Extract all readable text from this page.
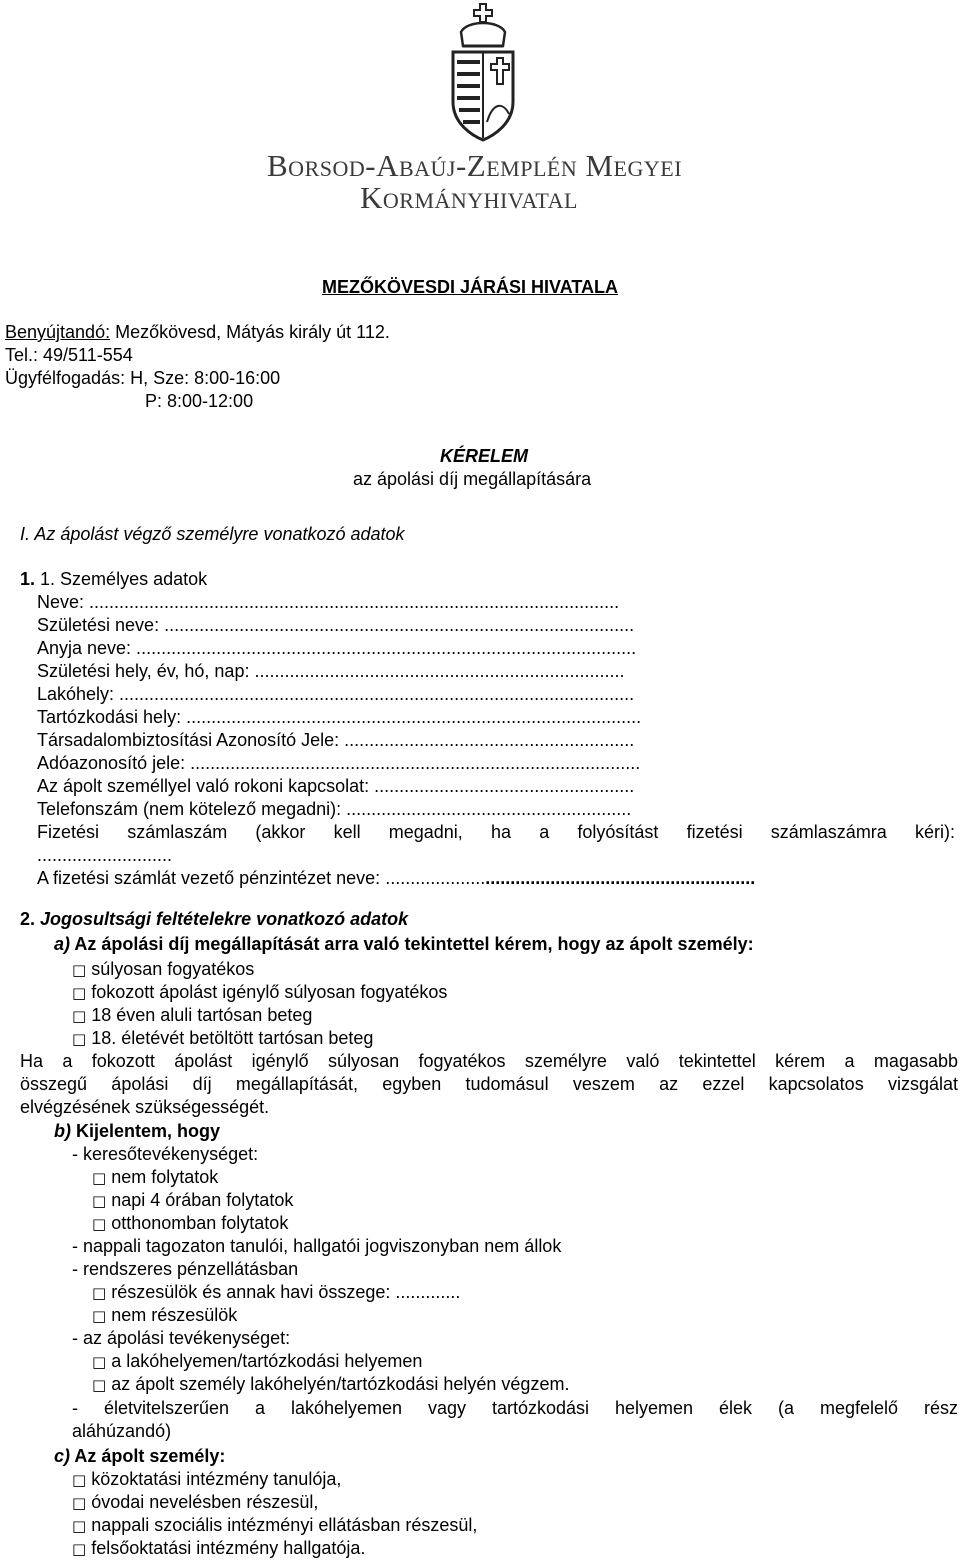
Borsod-Abaúj-Zemplén Megyei
Kormányhivatal
MEZŐKÖVESDI JÁRÁSI HIVATALA
Benyújtandó: Mezőkövesd, Mátyás király út 112.
Tel.: 49/511-554
Ügyfélfogadás: H, Sze: 8:00-16:00
P: 8:00-12:00
KÉRELEM
az ápolási díj megállapítására
I. Az ápolást végző személyre vonatkozó adatok
1. 1. Személyes adatok
Neve: ..........................................................................................................
Születési neve: ..............................................................................................
Anyja neve: ....................................................................................................
Születési hely, év, hó, nap: ..........................................................................
Lakóhely: .......................................................................................................
Tartózkodási hely: ...........................................................................................
Társadalombiztosítási Azonosító Jele: ..........................................................
Adóazonosító jele: ..........................................................................................
Az ápolt személlyel való rokoni kapcsolat: ....................................................
Telefonszám (nem kötelező megadni): .........................................................
Fizetési számlaszám (akkor kell megadni, ha a folyósítást fizetési számlaszámra kéri):
...........................
A fizetési számlát vezető pénzintézet neve: ..........................................................................
2. Jogosultsági feltételekre vonatkozó adatok
a) Az ápolási díj megállapítását arra való tekintettel kérem, hogy az ápolt személy:
□ súlyosan fogyatékos
□ fokozott ápolást igénylő súlyosan fogyatékos
□ 18 éven aluli tartósan beteg
□ 18. életévét betöltött tartósan beteg
Ha a fokozott ápolást igénylő súlyosan fogyatékos személyre való tekintettel kérem a magasabb
összegű ápolási díj megállapítását, egyben tudomásul veszem az ezzel kapcsolatos vizsgálat
elvégzésének szükségességét.
b) Kijelentem, hogy
- keresőtevékenységet:
□ nem folytatok
□ napi 4 órában folytatok
□ otthonomban folytatok
- nappali tagozaton tanulói, hallgatói jogviszonyban nem állok
- rendszeres pénzellátásban
□ részesülök és annak havi összege: .............
□ nem részesülök
- az ápolási tevékenységet:
□ a lakóhelyemen/tartózkodási helyemen
□ az ápolt személy lakóhelyén/tartózkodási helyén végzem.
- életvitelszerűen a lakóhelyemen vagy tartózkodási helyemen élek (a megfelelő rész
aláhúzandó)
c) Az ápolt személy:
□ közoktatási intézmény tanulója,
□ óvodai nevelésben részesül,
□ nappali szociális intézményi ellátásban részesül,
□ felsőoktatási intézmény hallgatója.
